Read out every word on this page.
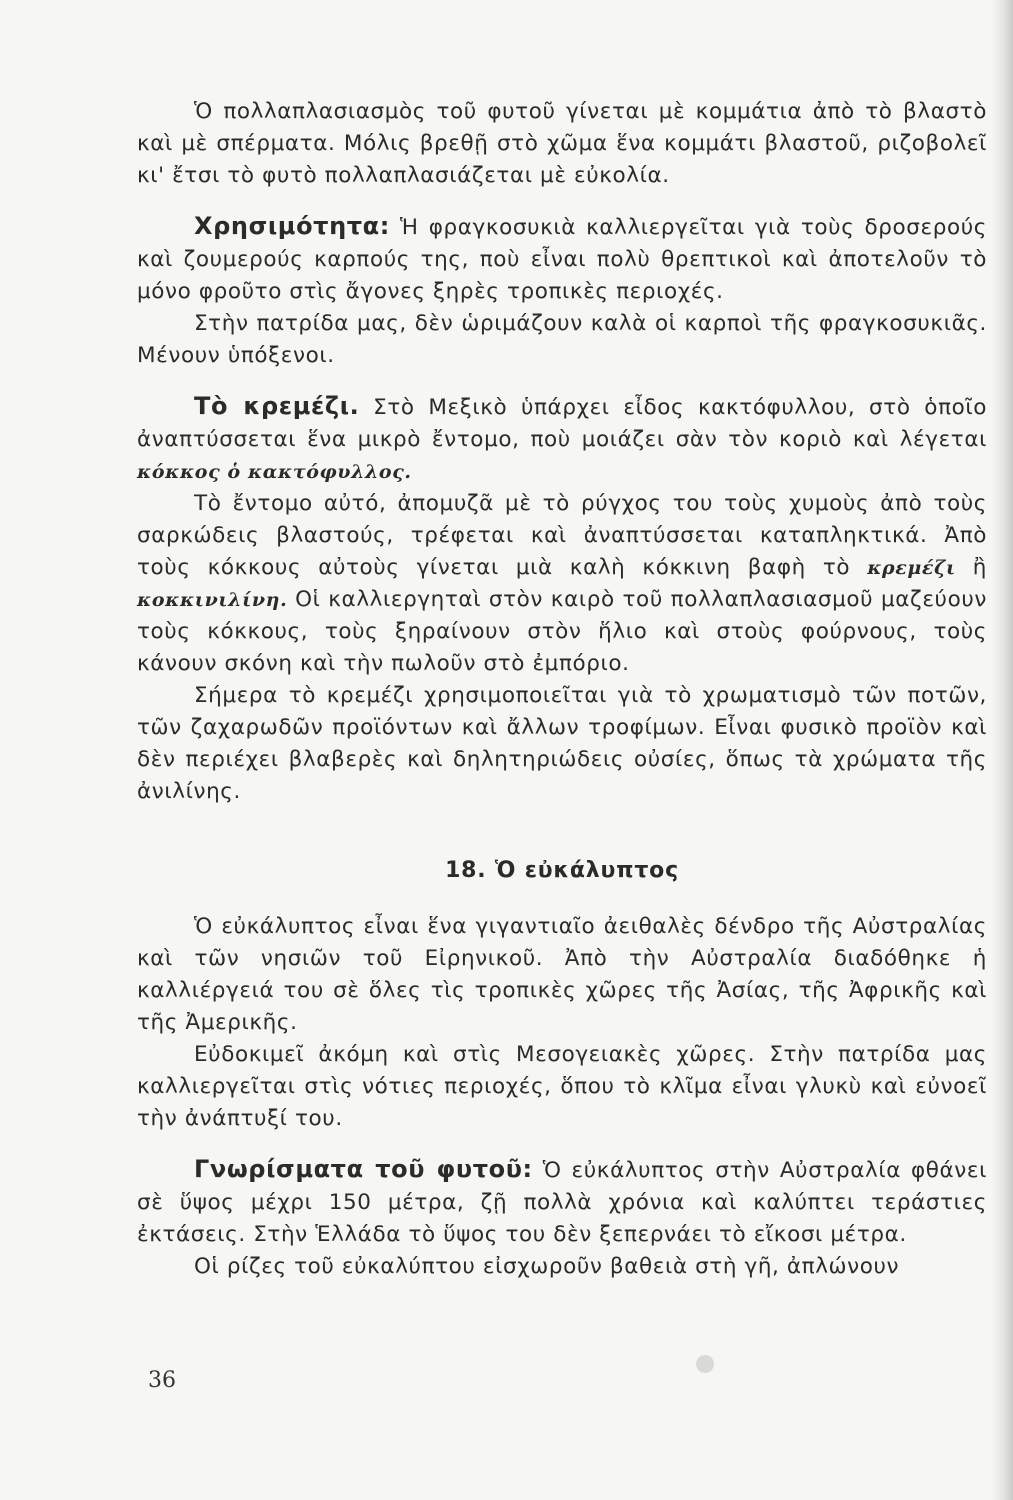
Ὁ πολλαπλασιασμὸς τοῦ φυτοῦ γίνεται μὲ κομμάτια ἀπὸ τὸ βλαστὸ καὶ μὲ σπέρματα. Μόλις βρεθῇ στὸ χῶμα ἕνα κομμάτι βλαστοῦ, ριζοβολεῖ κι' ἔτσι τὸ φυτὸ πολλαπλασιάζεται μὲ εὐκολία.

Χρησιμότητα: Ἡ φραγκοσυκιὰ καλλιεργεῖται γιὰ τοὺς δροσερούς καὶ ζουμερούς καρπούς της, ποὺ εἶναι πολὺ θρεπτικοὶ καὶ ἀποτελοῦν τὸ μόνο φροῦτο στὶς ἄγονες ξηρὲς τροπικὲς περιοχές.

Στὴν πατρίδα μας, δὲν ὡριμάζουν καλὰ οἱ καρποὶ τῆς φραγκοσυκιᾶς. Μένουν ὑπόξενοι.

Τὸ κρεμέζι. Στὸ Μεξικὸ ὑπάρχει εἶδος κακτόφυλλου, στὸ ὁποῖο ἀναπτύσσεται ἕνα μικρὸ ἔντομο, ποὺ μοιάζει σὰν τὸν κοριὸ καὶ λέγεται κόκκος ὁ κακτόφυλλος.

Τὸ ἔντομο αὐτό, ἀπομυζᾶ μὲ τὸ ρύγχος του τοὺς χυμοὺς ἀπὸ τοὺς σαρκώδεις βλαστούς, τρέφεται καὶ ἀναπτύσσεται καταπληκτικά. Ἀπὸ τοὺς κόκκους αὐτοὺς γίνεται μιὰ καλὴ κόκκινη βαφὴ τὸ κρεμέζι ἢ κοκκινιλίνη. Οἱ καλλιεργηταὶ στὸν καιρὸ τοῦ πολλαπλασιασμοῦ μαζεύουν τοὺς κόκκους, τοὺς ξηραίνουν στὸν ἥλιο καὶ στοὺς φούρνους, τοὺς κάνουν σκόνη καὶ τὴν πωλοῦν στὸ ἐμπόριο.

Σήμερα τὸ κρεμέζι χρησιμοποιεῖται γιὰ τὸ χρωματισμὸ τῶν ποτῶν, τῶν ζαχαρωδῶν προϊόντων καὶ ἄλλων τροφίμων. Εἶναι φυσικὸ προϊὸν καὶ δὲν περιέχει βλαβερὲς καὶ δηλητηριώδεις οὐσίες, ὅπως τὰ χρώματα τῆς ἀνιλίνης.

18. Ὁ εὐκάλυπτος

Ὁ εὐκάλυπτος εἶναι ἕνα γιγαντιαῖο ἀειθαλὲς δένδρο τῆς Αὐστραλίας καὶ τῶν νησιῶν τοῦ Εἰρηνικοῦ. Ἀπὸ τὴν Αὐστραλία διαδόθηκε ἡ καλλιέργειά του σὲ ὅλες τὶς τροπικὲς χῶρες τῆς Ἀσίας, τῆς Ἀφρικῆς καὶ τῆς Ἀμερικῆς.

Εὐδοκιμεῖ ἀκόμη καὶ στὶς Μεσογειακὲς χῶρες. Στὴν πατρίδα μας καλλιεργεῖται στὶς νότιες περιοχές, ὅπου τὸ κλῖμα εἶναι γλυκὺ καὶ εὐνοεῖ τὴν ἀνάπτυξί του.

Γνωρίσματα τοῦ φυτοῦ: Ὁ εὐκάλυπτος στὴν Αὐστραλία φθάνει σὲ ὕψος μέχρι 150 μέτρα, ζῇ πολλὰ χρόνια καὶ καλύπτει τεράστιες ἐκτάσεις. Στὴν Ἑλλάδα τὸ ὕψος του δὲν ξεπερνάει τὸ εἴκοσι μέτρα.

Οἱ ρίζες τοῦ εὐκαλύπτου εἰσχωροῦν βαθειὰ στὴ γῆ, ἀπλώνουν

36
